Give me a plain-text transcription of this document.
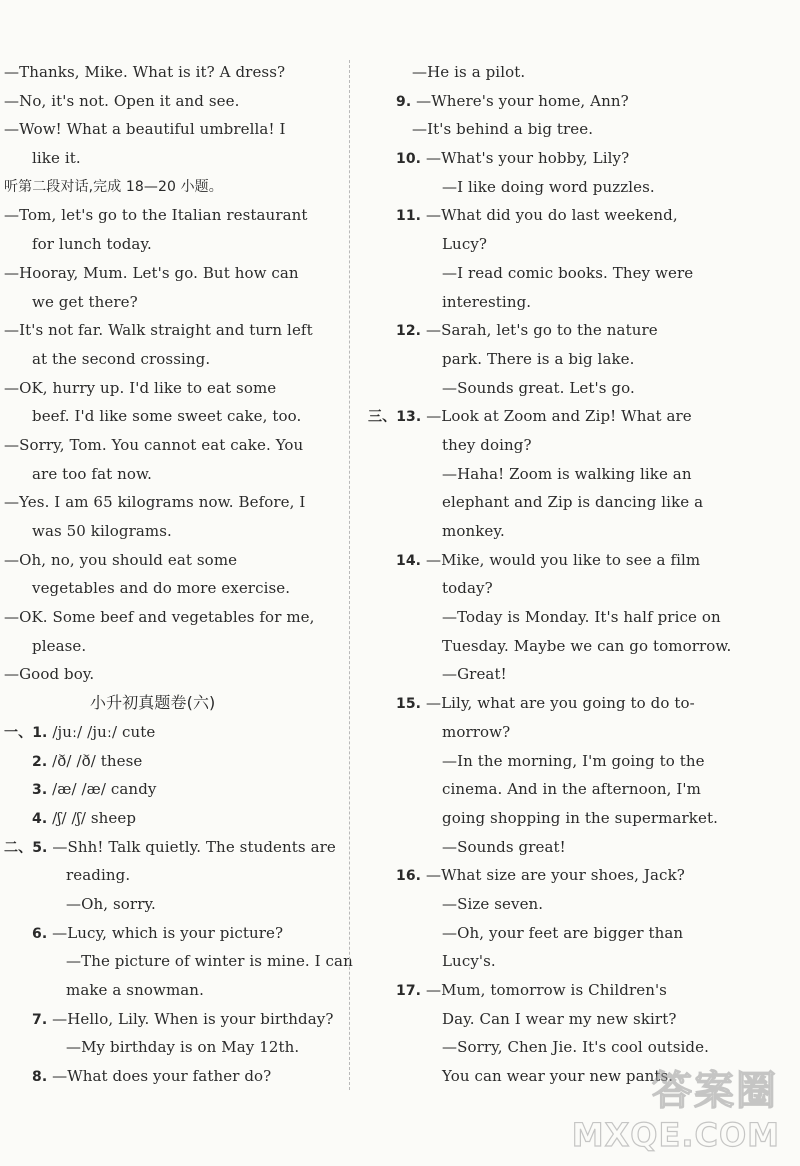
—Thanks, Mike. What is it? A dress?
—No, it's not. Open it and see.
—Wow! What a beautiful umbrella! I
like it.
听第二段对话,完成 18—20 小题。
—Tom, let's go to the Italian restaurant
for lunch today.
—Hooray, Mum. Let's go. But how can
we get there?
—It's not far. Walk straight and turn left
at the second crossing.
—OK, hurry up. I'd like to eat some
beef. I'd like some sweet cake, too.
—Sorry, Tom. You cannot eat cake. You
are too fat now.
—Yes. I am 65 kilograms now. Before, I
was 50 kilograms.
—Oh, no, you should eat some
vegetables and do more exercise.
—OK. Some beef and vegetables for me,
please.
—Good boy.
小升初真题卷(六)
一、1. /juː/ /juː/ cute
2. /ð/ /ð/ these
3. /æ/ /æ/ candy
4. /ʃ/ /ʃ/ sheep
二、5. —Shh! Talk quietly. The students are
reading.
—Oh, sorry.
6. —Lucy, which is your picture?
—The picture of winter is mine. I can
make a snowman.
7. —Hello, Lily. When is your birthday?
—My birthday is on May 12th.
8. —What does your father do?
—He is a pilot.
9. —Where's your home, Ann?
—It's behind a big tree.
10. —What's your hobby, Lily?
—I like doing word puzzles.
11. —What did you do last weekend,
Lucy?
—I read comic books. They were
interesting.
12. —Sarah, let's go to the nature
park. There is a big lake.
—Sounds great. Let's go.
三、13. —Look at Zoom and Zip! What are
they doing?
—Haha! Zoom is walking like an
elephant and Zip is dancing like a
monkey.
14. —Mike, would you like to see a film
today?
—Today is Monday. It's half price on
Tuesday. Maybe we can go tomorrow.
—Great!
15. —Lily, what are you going to do to-
morrow?
—In the morning, I'm going to the
cinema. And in the afternoon, I'm
going shopping in the supermarket.
—Sounds great!
16. —What size are your shoes, Jack?
—Size seven.
—Oh, your feet are bigger than
Lucy's.
17. —Mum, tomorrow is Children's
Day. Can I wear my new skirt?
—Sorry, Chen Jie. It's cool outside.
You can wear your new pants.
答案圈
MXQE.COM
